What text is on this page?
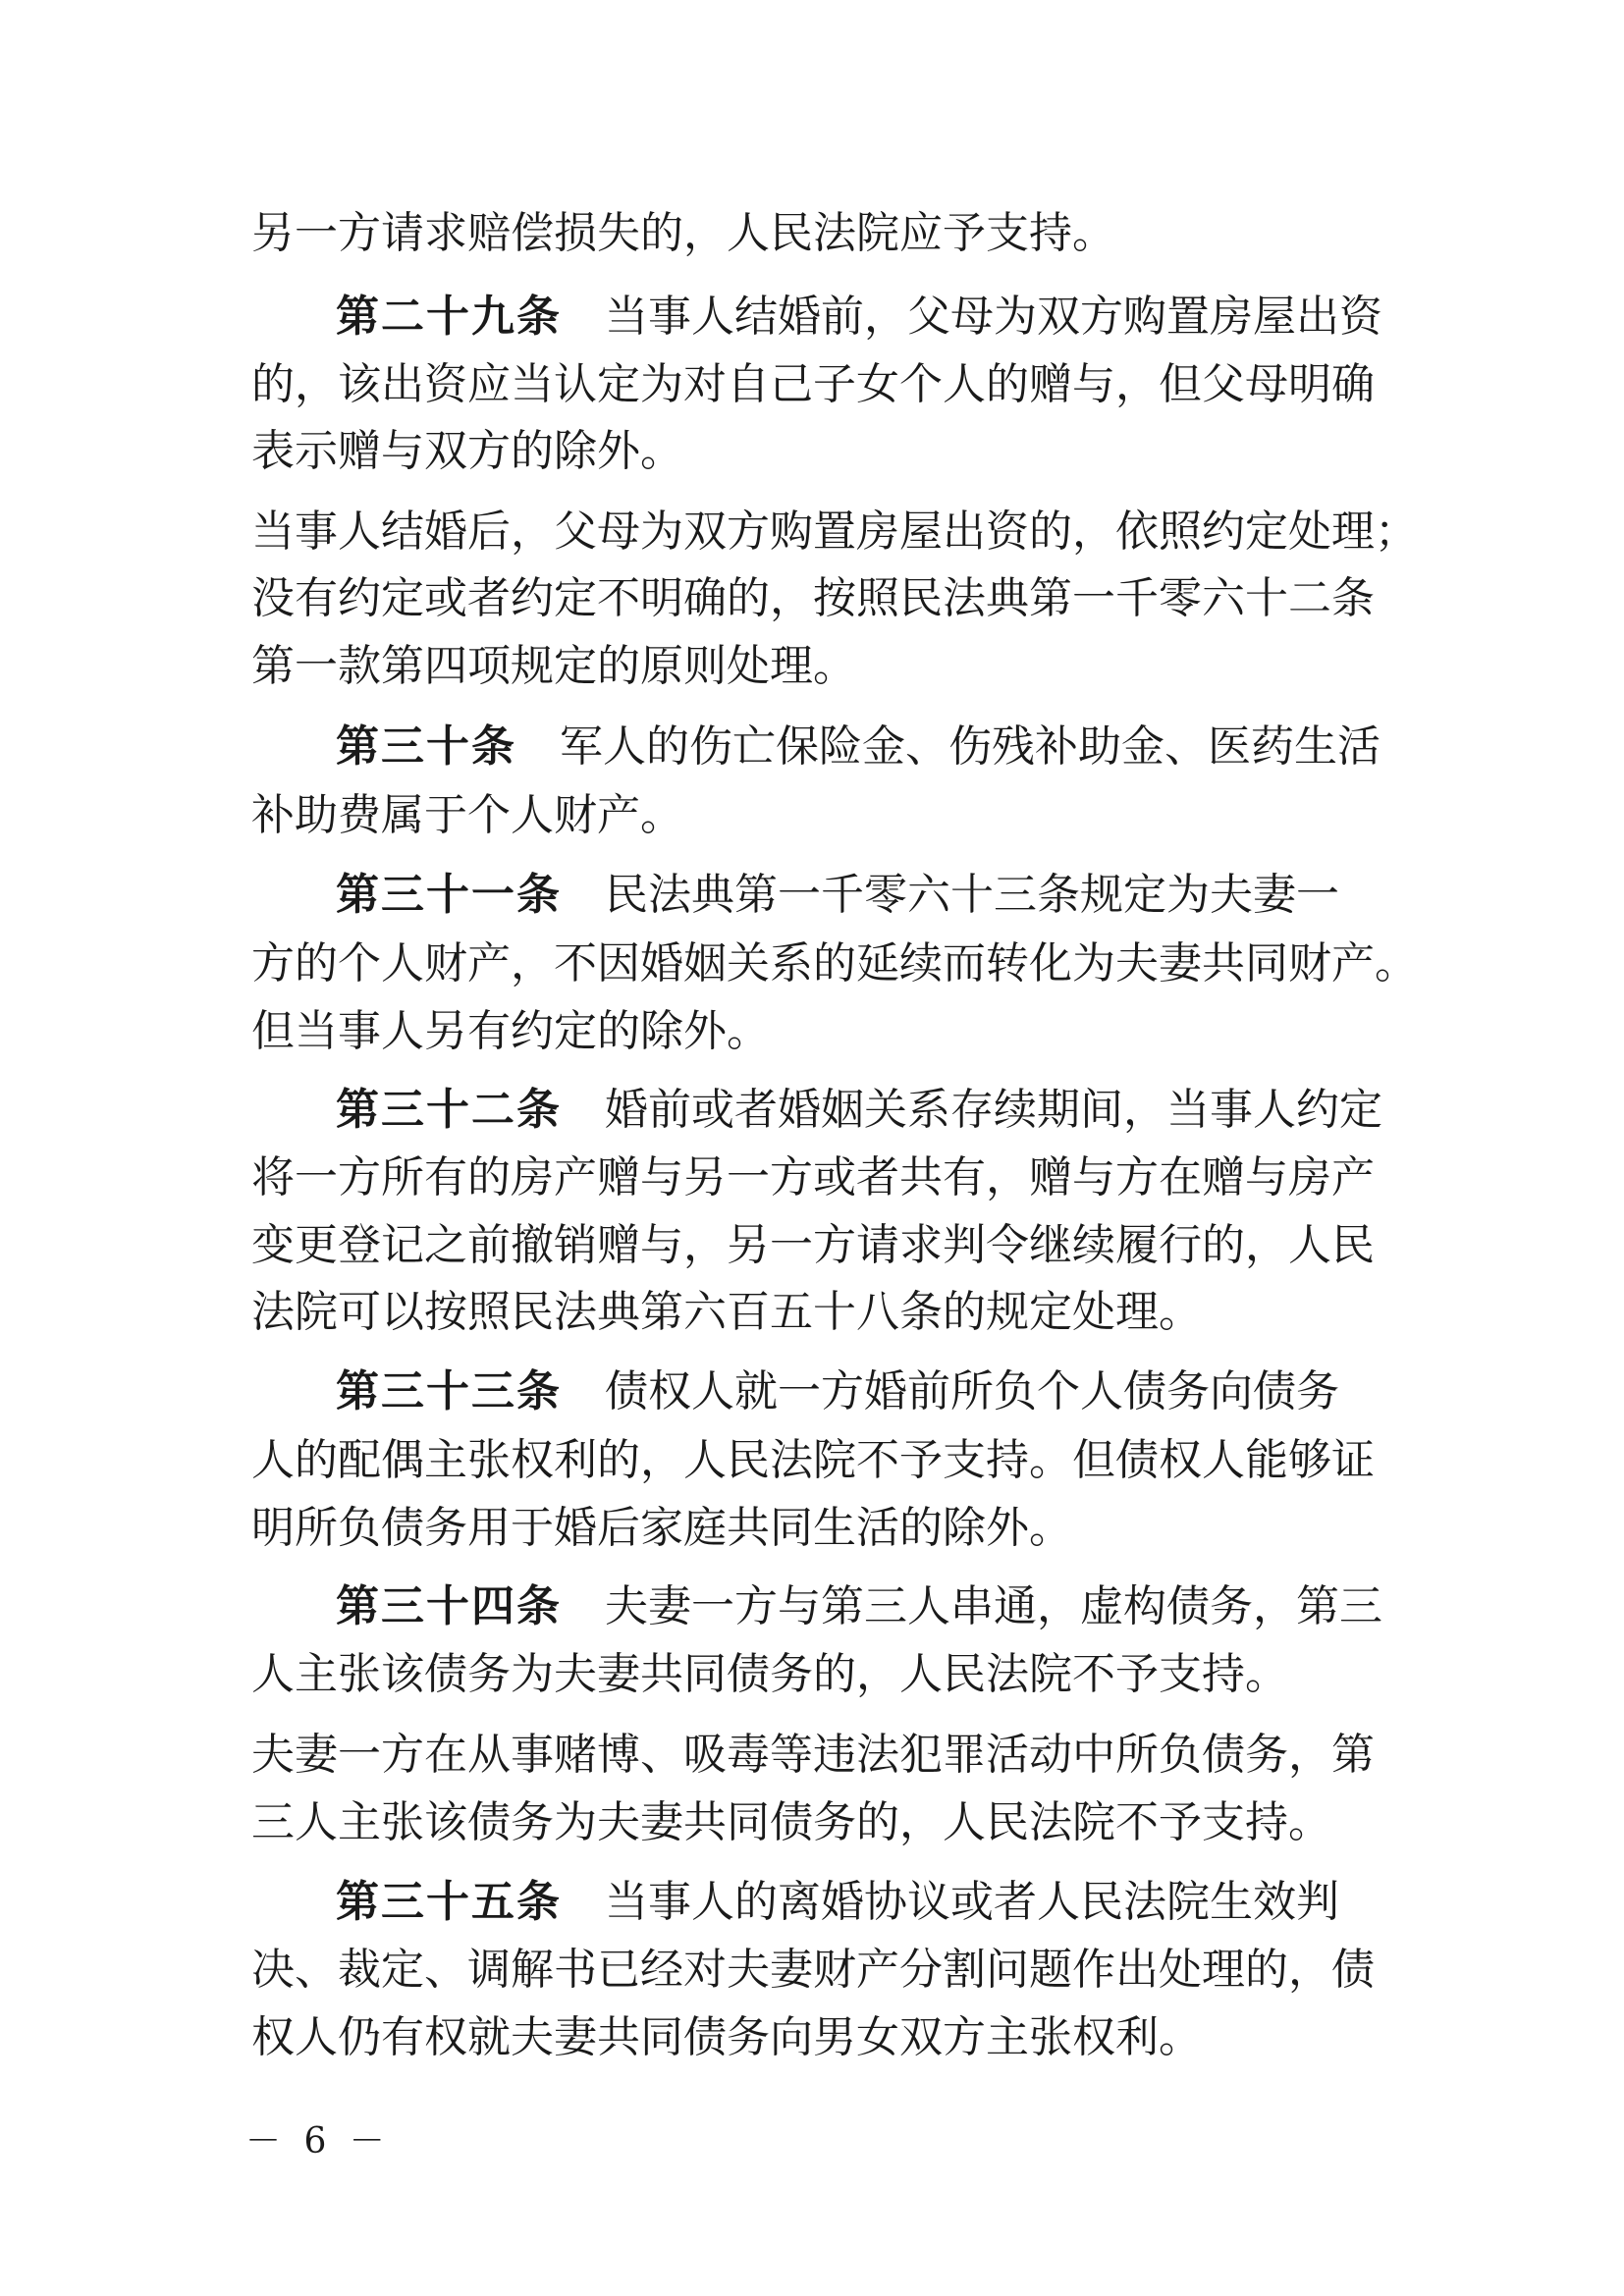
另一方请求赔偿损失的，人民法院应予支持。
第二十九条 当事人结婚前，父母为双方购置房屋出资
的，该出资应当认定为对自己子女个人的赠与，但父母明确
表示赠与双方的除外。
当事人结婚后，父母为双方购置房屋出资的，依照约定处理；
没有约定或者约定不明确的，按照民法典第一千零六十二条
第一款第四项规定的原则处理。
第三十条 军人的伤亡保险金、伤残补助金、医药生活
补助费属于个人财产。
第三十一条 民法典第一千零六十三条规定为夫妻一
方的个人财产，不因婚姻关系的延续而转化为夫妻共同财产。
但当事人另有约定的除外。
第三十二条 婚前或者婚姻关系存续期间，当事人约定
将一方所有的房产赠与另一方或者共有，赠与方在赠与房产
变更登记之前撤销赠与，另一方请求判令继续履行的，人民
法院可以按照民法典第六百五十八条的规定处理。
第三十三条 债权人就一方婚前所负个人债务向债务
人的配偶主张权利的，人民法院不予支持。但债权人能够证
明所负债务用于婚后家庭共同生活的除外。
第三十四条 夫妻一方与第三人串通，虚构债务，第三
人主张该债务为夫妻共同债务的，人民法院不予支持。
夫妻一方在从事赌博、吸毒等违法犯罪活动中所负债务，第
三人主张该债务为夫妻共同债务的，人民法院不予支持。
第三十五条 当事人的离婚协议或者人民法院生效判
决、裁定、调解书已经对夫妻财产分割问题作出处理的，债
权人仍有权就夫妻共同债务向男女双方主张权利。
－ 6 －
